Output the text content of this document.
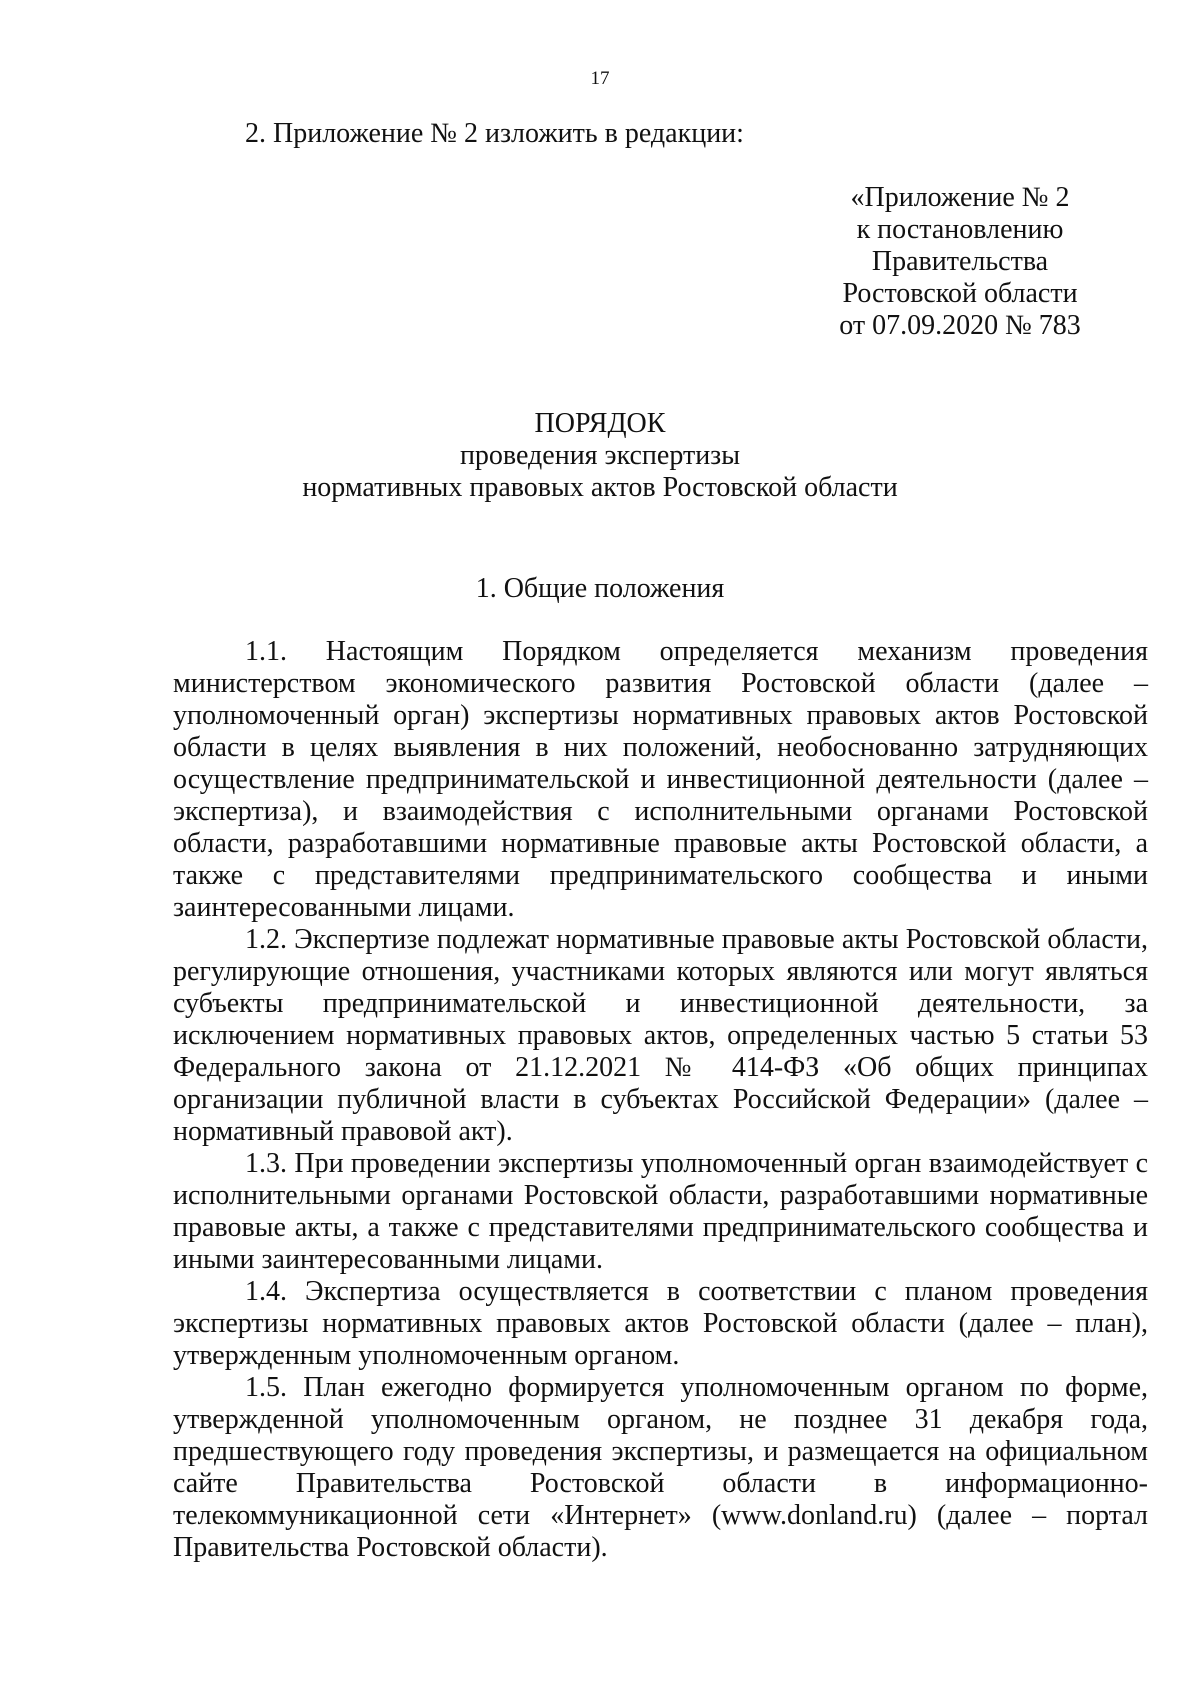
17
2. Приложение № 2 изложить в редакции:
«Приложение № 2
к постановлению
Правительства
Ростовской области
от 07.09.2020 № 783
ПОРЯДОК
проведения экспертизы
нормативных правовых актов Ростовской области
1. Общие положения

1.1. Настоящим Порядком определяется механизм проведения министерством экономического развития Ростовской области (далее – уполномоченный орган) экспертизы нормативных правовых актов Ростовской области в целях выявления в них положений, необоснованно затрудняющих осуществление предпринимательской и инвестиционной деятельности (далее – экспертиза), и взаимодействия с исполнительными органами Ростовской области, разработавшими нормативные правовые акты Ростовской области, а также с представителями предпринимательского сообщества и иными заинтересованными лицами.

1.2. Экспертизе подлежат нормативные правовые акты Ростовской области, регулирующие отношения, участниками которых являются или могут являться субъекты предпринимательской и инвестиционной деятельности, за исключением нормативных правовых актов, определенных частью 5 статьи 53 Федерального закона от 21.12.2021 № 414-ФЗ «Об общих принципах организации публичной власти в субъектах Российской Федерации» (далее – нормативный правовой акт).

1.3. При проведении экспертизы уполномоченный орган взаимодействует с исполнительными органами Ростовской области, разработавшими нормативные правовые акты, а также с представителями предпринимательского сообщества и иными заинтересованными лицами.

1.4. Экспертиза осуществляется в соответствии с планом проведения экспертизы нормативных правовых актов Ростовской области (далее – план), утвержденным уполномоченным органом.

1.5. План ежегодно формируется уполномоченным органом по форме, утвержденной уполномоченным органом, не позднее 31 декабря года, предшествующего году проведения экспертизы, и размещается на официальном сайте Правительства Ростовской области в информационно-телекоммуникационной сети «Интернет» (www.donland.ru) (далее – портал Правительства Ростовской области).
